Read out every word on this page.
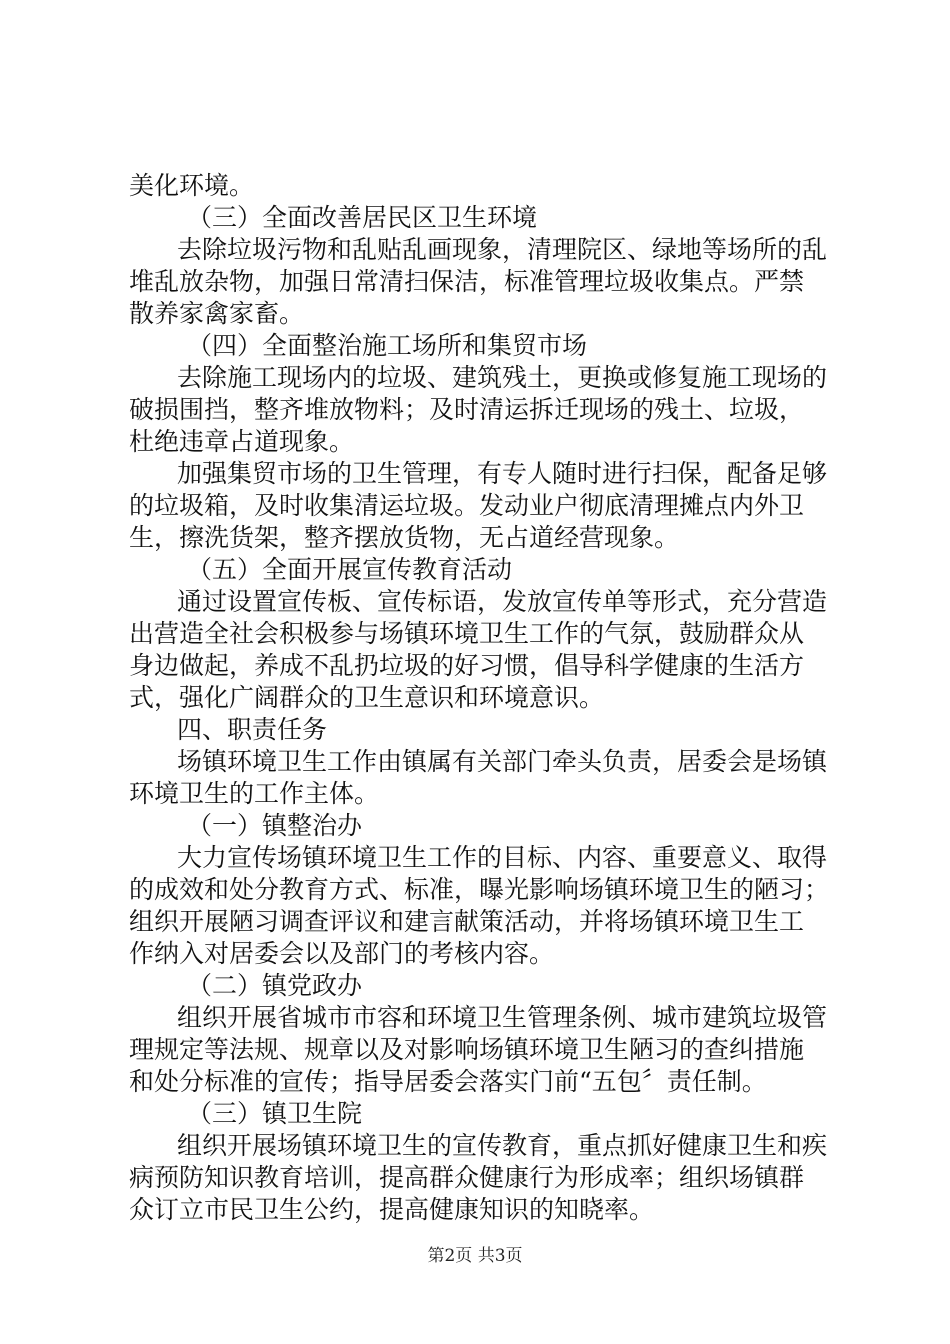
美化环境。
（三）全面改善居民区卫生环境
去除垃圾污物和乱贴乱画现象，清理院区、绿地等场所的乱
堆乱放杂物，加强日常清扫保洁，标准管理垃圾收集点。严禁
散养家禽家畜。
（四）全面整治施工场所和集贸市场
去除施工现场内的垃圾、建筑残土，更换或修复施工现场的
破损围挡，整齐堆放物料；及时清运拆迁现场的残土、垃圾，
杜绝违章占道现象。
加强集贸市场的卫生管理，有专人随时进行扫保，配备足够
的垃圾箱，及时收集清运垃圾。发动业户彻底清理摊点内外卫
生，擦洗货架，整齐摆放货物，无占道经营现象。
（五）全面开展宣传教育活动
通过设置宣传板、宣传标语，发放宣传单等形式，充分营造
出营造全社会积极参与场镇环境卫生工作的气氛，鼓励群众从
身边做起，养成不乱扔垃圾的好习惯，倡导科学健康的生活方
式，强化广阔群众的卫生意识和环境意识。
四、职责任务
场镇环境卫生工作由镇属有关部门牵头负责，居委会是场镇
环境卫生的工作主体。
（一）镇整治办
大力宣传场镇环境卫生工作的目标、内容、重要意义、取得
的成效和处分教育方式、标准，曝光影响场镇环境卫生的陋习；
组织开展陋习调查评议和建言献策活动，并将场镇环境卫生工
作纳入对居委会以及部门的考核内容。
（二）镇党政办
组织开展省城市市容和环境卫生管理条例、城市建筑垃圾管
理规定等法规、规章以及对影响场镇环境卫生陋习的查纠措施
和处分标准的宣传；指导居委会落实门前“五包〞责任制。
（三）镇卫生院
组织开展场镇环境卫生的宣传教育，重点抓好健康卫生和疾
病预防知识教育培训，提高群众健康行为形成率；组织场镇群
众订立市民卫生公约，提高健康知识的知晓率。
第2页 共3页
